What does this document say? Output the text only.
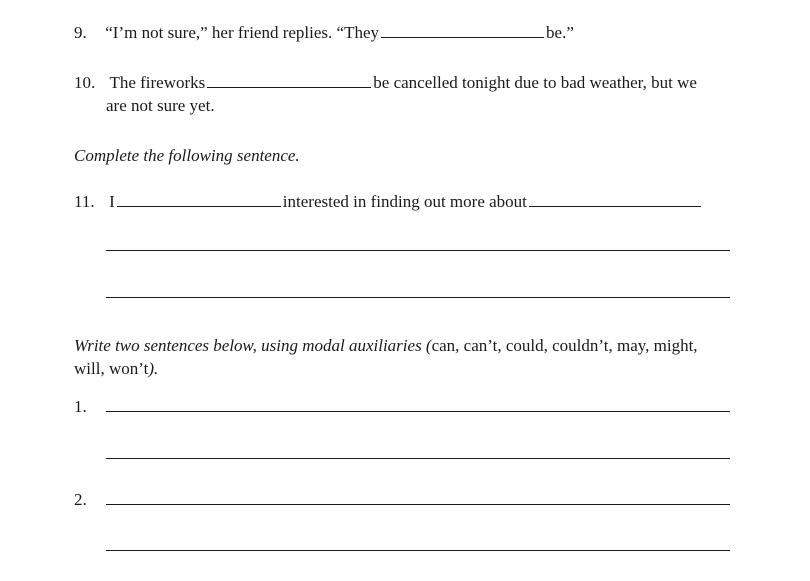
9. “I’m not sure,” her friend replies. “They	be.”
10. The fireworks	be cancelled tonight due to bad weather, but we
are not sure yet.
Complete the following sentence.
11. I	interested in finding out more about
Write two sentences below, using modal auxiliaries (can, can’t, could, couldn’t, may, might,
will, won’t).
1.
2.
